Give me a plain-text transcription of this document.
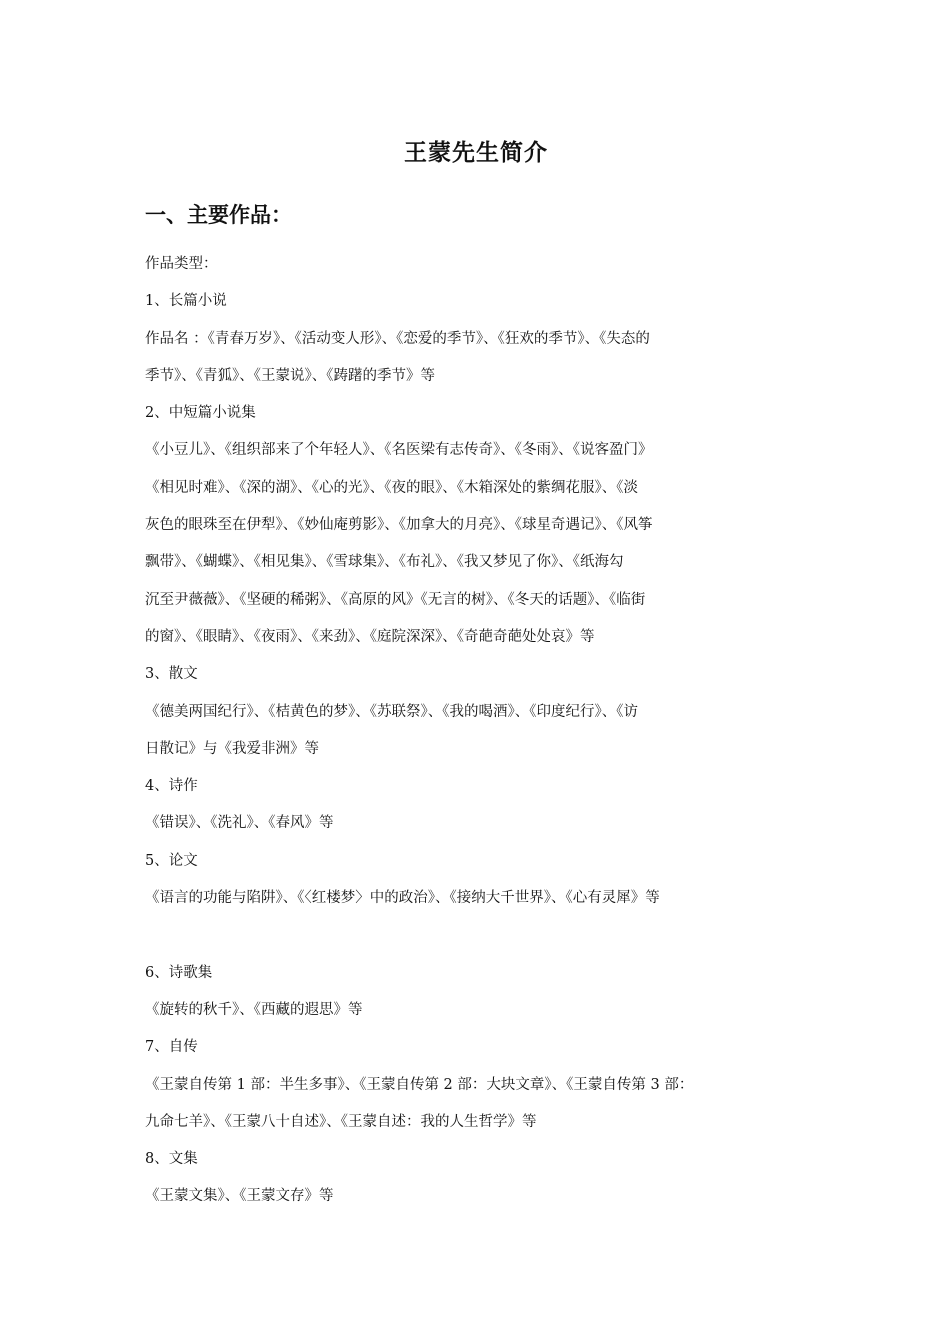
王蒙先生简介
一、主要作品：
作品类型：
1、长篇小说
作品名 ：《青春万岁》、《活动变人形》、《恋爱的季节》、《狂欢的季节》、《失态的
季节》、《青狐》、《王蒙说》、《踌躇的季节》等
2、中短篇小说集
《小豆儿》、《组织部来了个年轻人》、《名医梁有志传奇》、《冬雨》、《说客盈门》
《相见时难》、《深的湖》、《心的光》、《夜的眼》、《木箱深处的紫绸花服》、《淡
灰色的眼珠至在伊犁》、《妙仙庵剪影》、《加拿大的月亮》、《球星奇遇记》、《风筝
飘带》、《蝴蝶》、《相见集》、《雪球集》、《布礼》、《我又梦见了你》、《纸海勾
沉至尹薇薇》、《坚硬的稀粥》、《高原的风》《无言的树》、《冬天的话题》、《临街
的窗》、《眼睛》、《夜雨》、《来劲》、《庭院深深》、《奇葩奇葩处处哀》等
3、散文
《德美两国纪行》、《桔黄色的梦》、《苏联祭》、《我的喝酒》、《印度纪行》、《访
日散记》与《我爱非洲》等
4、诗作
《错误》、《洗礼》、《春风》等
5、论文
《语言的功能与陷阱》、《〈红楼梦〉中的政治》、《接纳大千世界》、《心有灵犀》等
6、诗歌集
《旋转的秋千》、《西藏的遐思》等
7、自传
《王蒙自传第 1 部：半生多事》、《王蒙自传第 2 部：大块文章》、《王蒙自传第 3 部：
九命七羊》、《王蒙八十自述》、《王蒙自述：我的人生哲学》等
8、文集
《王蒙文集》、《王蒙文存》等
